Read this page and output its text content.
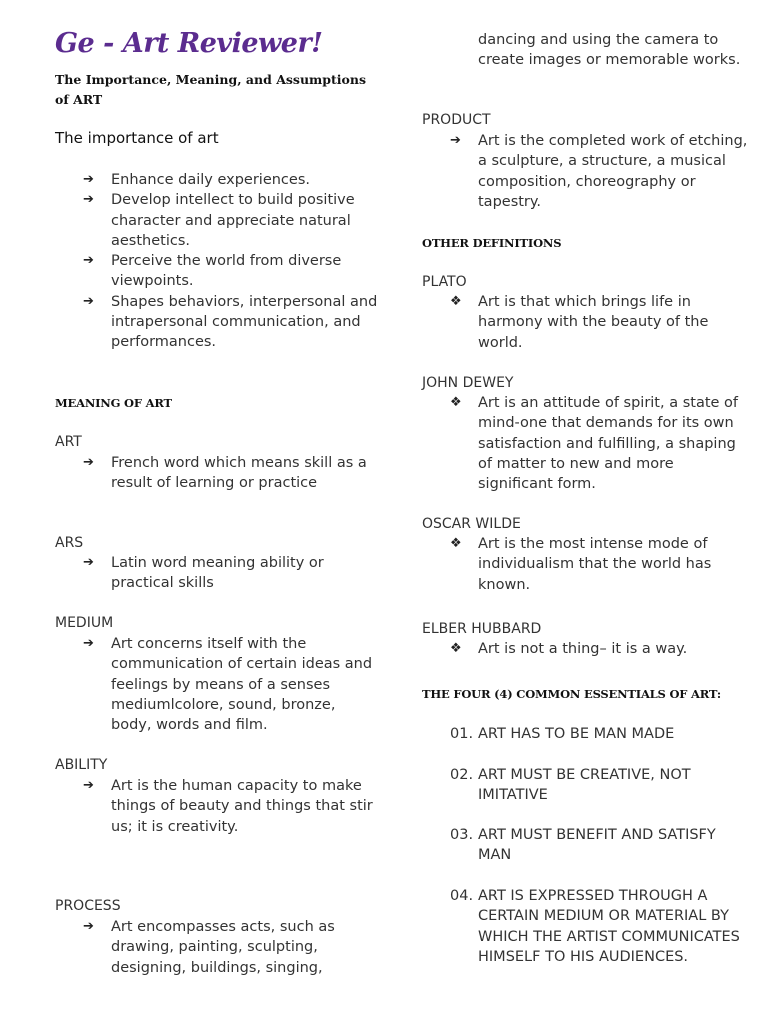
Ge - Art Reviewer!
The Importance, Meaning, and Assumptions of ART
The importance of art
➔ Enhance daily experiences.
➔ Develop intellect to build positive character and appreciate natural aesthetics.
➔ Perceive the world from diverse viewpoints.
➔ Shapes behaviors, interpersonal and intrapersonal communication, and performances.
MEANING OF ART
ART
➔ French word which means skill as a result of learning or practice
ARS
➔ Latin word meaning ability or practical skills
MEDIUM
➔ Art concerns itself with the communication of certain ideas and feelings by means of a senses mediumlcolore, sound, bronze, body, words and film.
ABILITY
➔ Art is the human capacity to make things of beauty and things that stir us; it is creativity.
PROCESS
➔ Art encompasses acts, such as drawing, painting, sculpting, designing, buildings, singing,
dancing and using the camera to create images or memorable works.
PRODUCT
➔ Art is the completed work of etching, a sculpture, a structure, a musical composition, choreography or tapestry.
OTHER DEFINITIONS
PLATO
❖ Art is that which brings life in harmony with the beauty of the world.
JOHN DEWEY
❖ Art is an attitude of spirit, a state of mind-one that demands for its own satisfaction and fulfilling, a shaping of matter to new and more significant form.
OSCAR WILDE
❖ Art is the most intense mode of individualism that the world has known.
ELBER HUBBARD
❖ Art is not a thing– it is a way.
THE FOUR (4) COMMON ESSENTIALS OF ART:
01. ART HAS TO BE MAN MADE
02. ART MUST BE CREATIVE, NOT IMITATIVE
03. ART MUST BENEFIT AND SATISFY MAN
04. ART IS EXPRESSED THROUGH A CERTAIN MEDIUM OR MATERIAL BY WHICH THE ARTIST COMMUNICATES HIMSELF TO HIS AUDIENCES.
